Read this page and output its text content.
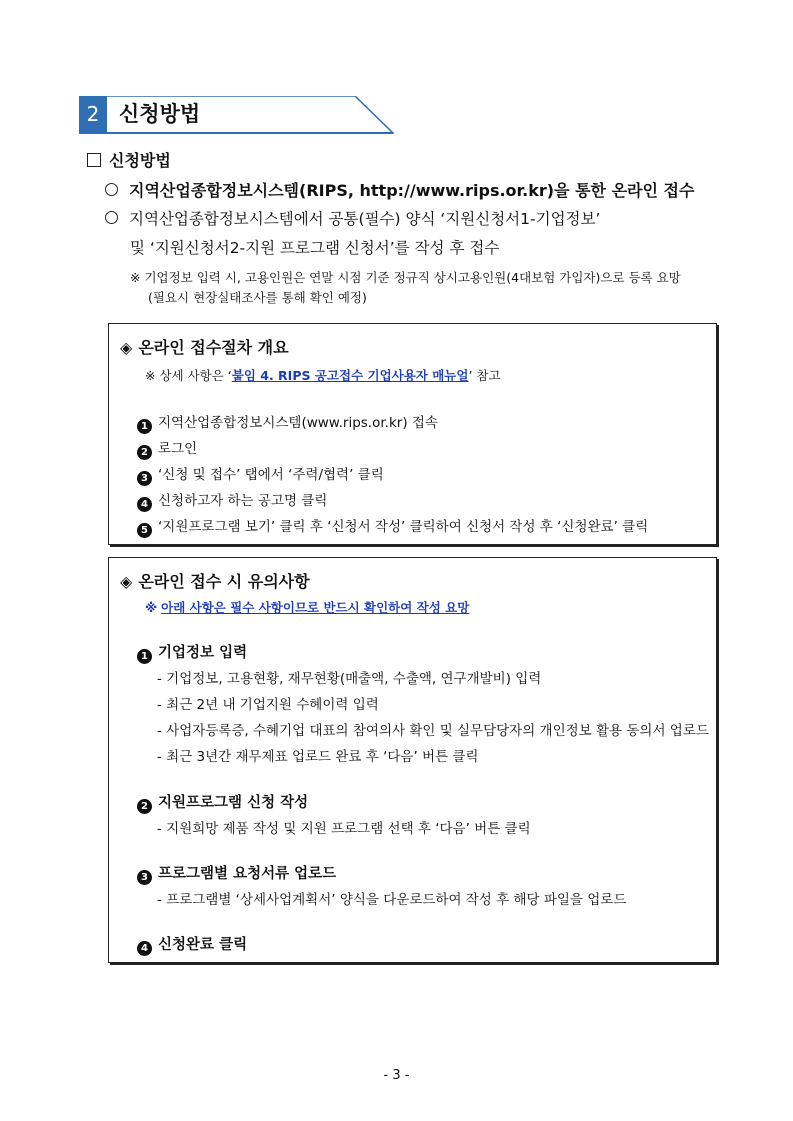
2 신청방법
신청방법
지역산업종합정보시스템(RIPS, http://www.rips.or.kr)을 통한 온라인 접수
지역산업종합정보시스템에서 공통(필수) 양식 ‘지원신청서1-기업정보’
및 ‘지원신청서2-지원 프로그램 신청서’를 작성 후 접수
※ 기업정보 입력 시, 고용인원은 연말 시점 기준 정규직 상시고용인원(4대보험 가입자)으로 등록 요망
(필요시 현장실태조사를 통해 확인 예정)
◈ 온라인 접수절차 개요
※ 상세 사항은 ‘붙임 4. RIPS 공고접수 기업사용자 매뉴얼’ 참고
1 지역산업종합정보시스템(www.rips.or.kr) 접속
2 로그인
3 ‘신청 및 접수’ 탭에서 ‘주력/협력’ 클릭
4 신청하고자 하는 공고명 클릭
5 ‘지원프로그램 보기’ 클릭 후 ‘신청서 작성’ 클릭하여 신청서 작성 후 ‘신청완료’ 클릭
◈ 온라인 접수 시 유의사항
※ 아래 사항은 필수 사항이므로 반드시 확인하여 작성 요망
1 기업정보 입력
- 기업정보, 고용현황, 재무현황(매출액, 수출액, 연구개발비) 입력
- 최근 2년 내 기업지원 수혜이력 입력
- 사업자등록증, 수혜기업 대표의 참여의사 확인 및 실무담당자의 개인정보 활용 동의서 업로드
- 최근 3년간 재무제표 업로드 완료 후 ‘다음’ 버튼 클릭
2 지원프로그램 신청 작성
- 지원희망 제품 작성 및 지원 프로그램 선택 후 ‘다음’ 버튼 클릭
3 프로그램별 요청서류 업로드
- 프로그램별 ‘상세사업계획서’ 양식을 다운로드하여 작성 후 해당 파일을 업로드
4 신청완료 클릭
- 3 -
